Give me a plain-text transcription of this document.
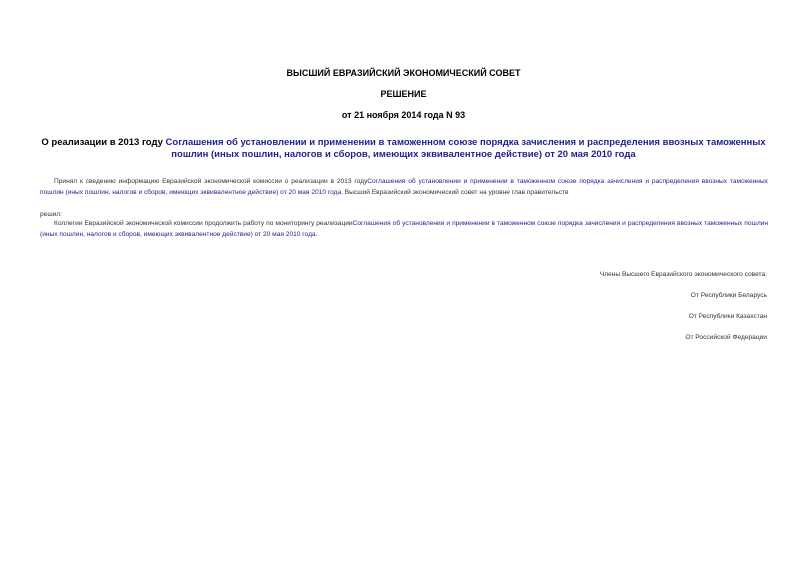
ВЫСШИЙ ЕВРАЗИЙСКИЙ ЭКОНОМИЧЕСКИЙ СОВЕТ
РЕШЕНИЕ
от 21 ноября 2014 года N 93
О реализации в 2013 году Соглашения об установлении и применении в таможенном союзе порядка зачисления и распределения ввозных таможенных пошлин (иных пошлин, налогов и сборов, имеющих эквивалентное действие) от 20 мая 2010 года
Принял к сведению информацию Евразийской экономической комиссии о реализации в 2013 годуСоглашения об установлении и применении в таможенном союзе порядка зачисления и распределения ввозных таможенных пошлин (иных пошлин, налогов и сборов, имеющих эквивалентное действие) от 20 мая 2010 года, Высший Евразийский экономический совет на уровне глав правительств
решил:
Коллегии Евразийской экономической комиссии продолжить работу по мониторингу реализацииСоглашения об установлении и применении в таможенном союзе порядка зачисления и распределения ввозных таможенных пошлин (иных пошлин, налогов и сборов, имеющих эквивалентное действие) от 20 мая 2010 года.
Члены Высшего Евразийского экономического совета:
От Республики Беларусь
От Республики Казахстан
От Российской Федерации
